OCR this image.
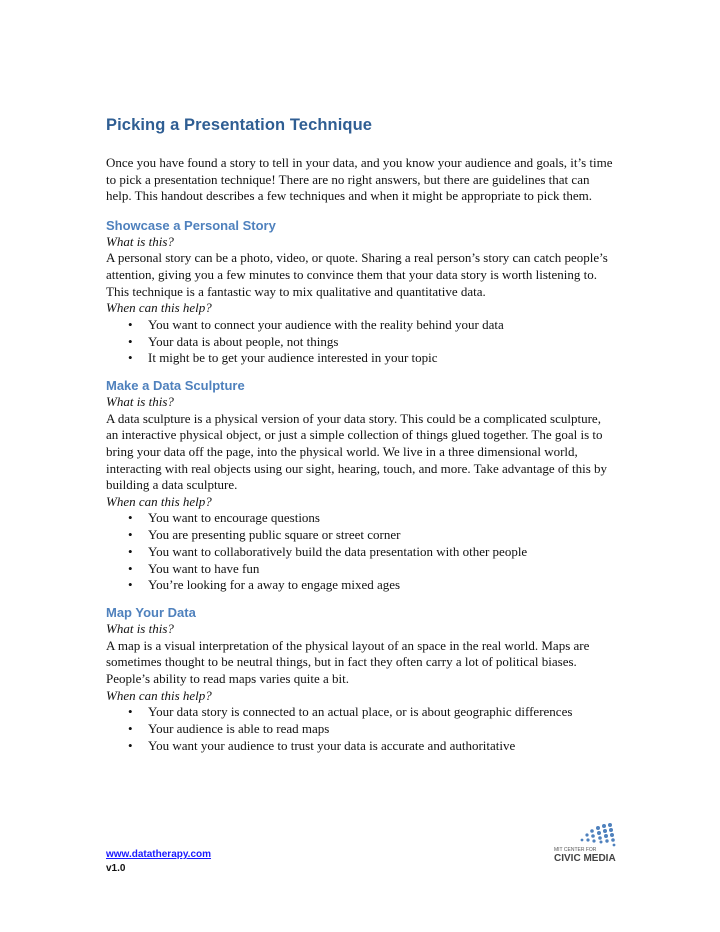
Picking a Presentation Technique

Once you have found a story to tell in your data, and you know your audience and goals, it’s time to pick a presentation technique! There are no right answers, but there are guidelines that can help. This handout describes a few techniques and when it might be appropriate to pick them.

Showcase a Personal Story

What is this?

A personal story can be a photo, video, or quote. Sharing a real person’s story can catch people’s attention, giving you a few minutes to convince them that your data story is worth listening to. This technique is a fantastic way to mix qualitative and quantitative data.

When can this help?

• You want to connect your audience with the reality behind your data
• Your data is about people, not things
• It might be to get your audience interested in your topic
Make a Data Sculpture

What is this?

A data sculpture is a physical version of your data story. This could be a complicated sculpture, an interactive physical object, or just a simple collection of things glued together. The goal is to bring your data off the page, into the physical world. We live in a three dimensional world, interacting with real objects using our sight, hearing, touch, and more. Take advantage of this by building a data sculpture.

When can this help?

• You want to encourage questions
• You are presenting public square or street corner
• You want to collaboratively build the data presentation with other people
• You want to have fun
• You’re looking for a away to engage mixed ages
Map Your Data

What is this?

A map is a visual interpretation of the physical layout of an space in the real world. Maps are sometimes thought to be neutral things, but in fact they often carry a lot of political biases. People’s ability to read maps varies quite a bit.

When can this help?

• Your data story is connected to an actual place, or is about geographic differences
• Your audience is able to read maps
• You want your audience to trust your data is accurate and authoritative
www.datatherapy.com
v1.0
MIT CENTER FOR
CIVIC MEDIA
